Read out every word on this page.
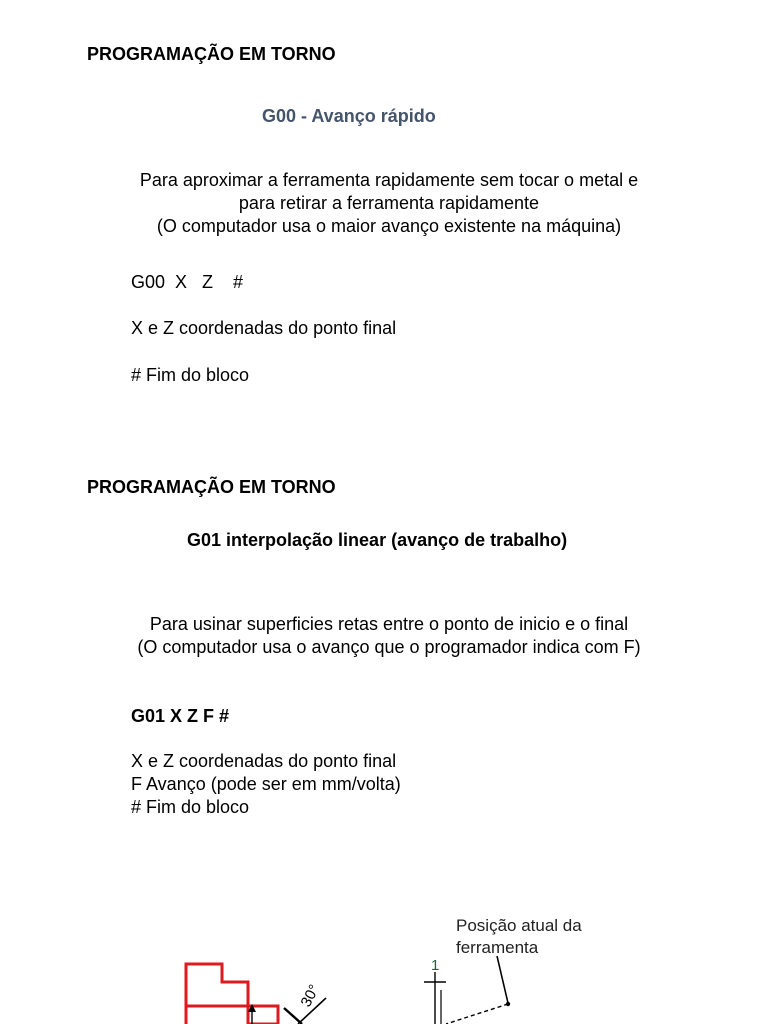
PROGRAMAÇÃO EM TORNO
G00 - Avanço rápido
Para aproximar a ferramenta rapidamente sem tocar o metal e
para retirar a ferramenta rapidamente
(O computador usa o maior avanço existente na máquina)
G00  X   Z    #
X e Z coordenadas do ponto final
# Fim do bloco
PROGRAMAÇÃO EM TORNO
G01 interpolação linear (avanço de trabalho)
Para usinar superficies retas entre o ponto de inicio e o final
(O computador usa o avanço que o programador indica com F)
G01 X Z F #
X e Z coordenadas do ponto final
F Avanço (pode ser em mm/volta)
# Fim do bloco
Posição atual da
ferramenta
1
30°
